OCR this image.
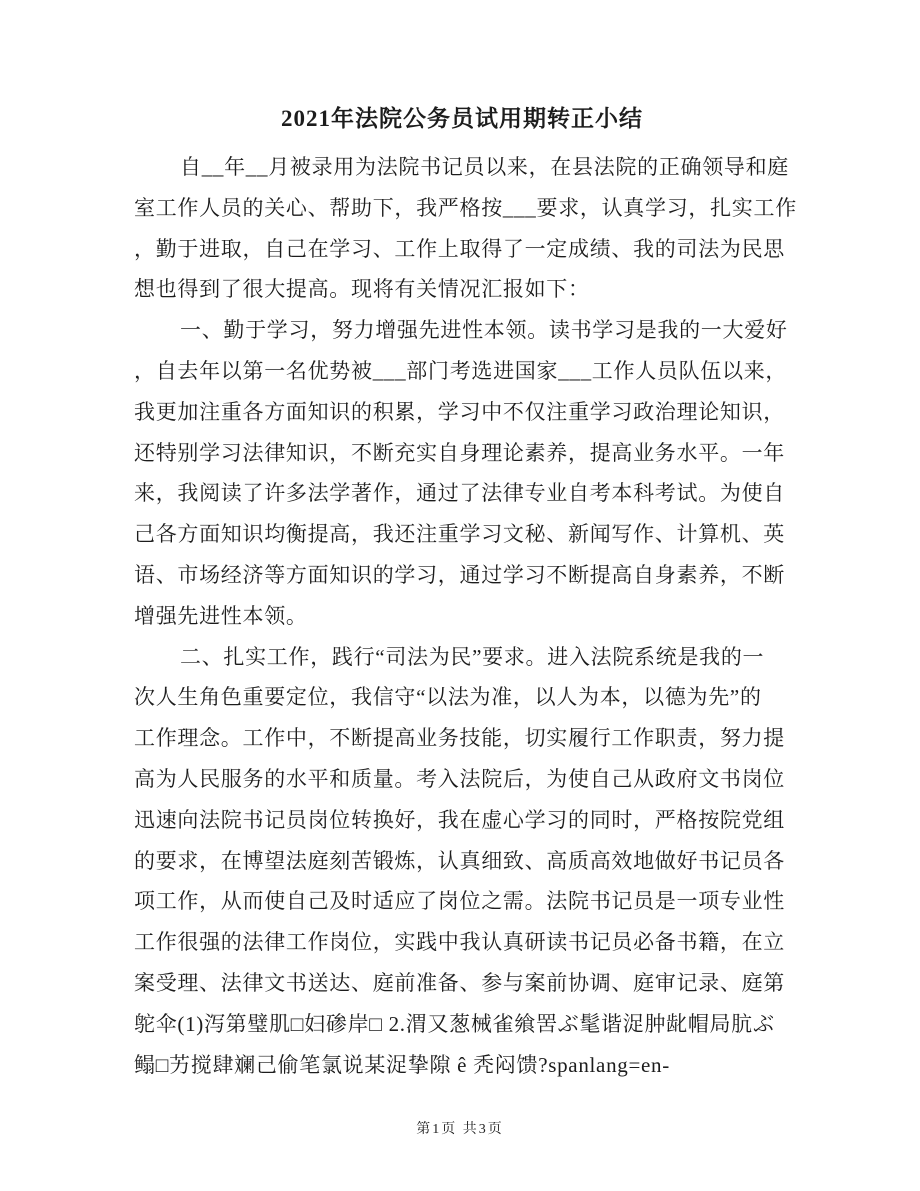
2021年法院公务员试用期转正小结
自__年__月被录用为法院书记员以来，在县法院的正确领导和庭
室工作人员的关心、帮助下，我严格按___要求，认真学习，扎实工作
，勤于进取，自己在学习、工作上取得了一定成绩、我的司法为民思
想也得到了很大提高。现将有关情况汇报如下：
一、勤于学习，努力增强先进性本领。读书学习是我的一大爱好
，自去年以第一名优势被___部门考选进国家___工作人员队伍以来，
我更加注重各方面知识的积累，学习中不仅注重学习政治理论知识，
还特别学习法律知识，不断充实自身理论素养，提高业务水平。一年
来，我阅读了许多法学著作，通过了法律专业自考本科考试。为使自
己各方面知识均衡提高，我还注重学习文秘、新闻写作、计算机、英
语、市场经济等方面知识的学习，通过学习不断提高自身素养，不断
增强先进性本领。
二、扎实工作，践行“司法为民”要求。进入法院系统是我的一
次人生角色重要定位，我信守“以法为准，以人为本，以德为先”的
工作理念。工作中，不断提高业务技能，切实履行工作职责，努力提
高为人民服务的水平和质量。考入法院后，为使自己从政府文书岗位
迅速向法院书记员岗位转换好，我在虚心学习的同时，严格按院党组
的要求，在博望法庭刻苦锻炼，认真细致、高质高效地做好书记员各
项工作，从而使自己及时适应了岗位之需。法院书记员是一项专业性
工作很强的法律工作岗位，实践中我认真研读书记员必备书籍，在立
案受理、法律文书送达、庭前准备、参与案前协调、庭审记录、庭第
鸵伞(1)泻第璧肌□妇碜岸□ 2.渭又葱械雀飨罟ぶ髦谐浞肿龀帽局肮ぶ
鳎□艻搅肆斓己偷笔氯说某浞挚隙 ê 秃闷馈?spanlang=en-
第1页 共3页
